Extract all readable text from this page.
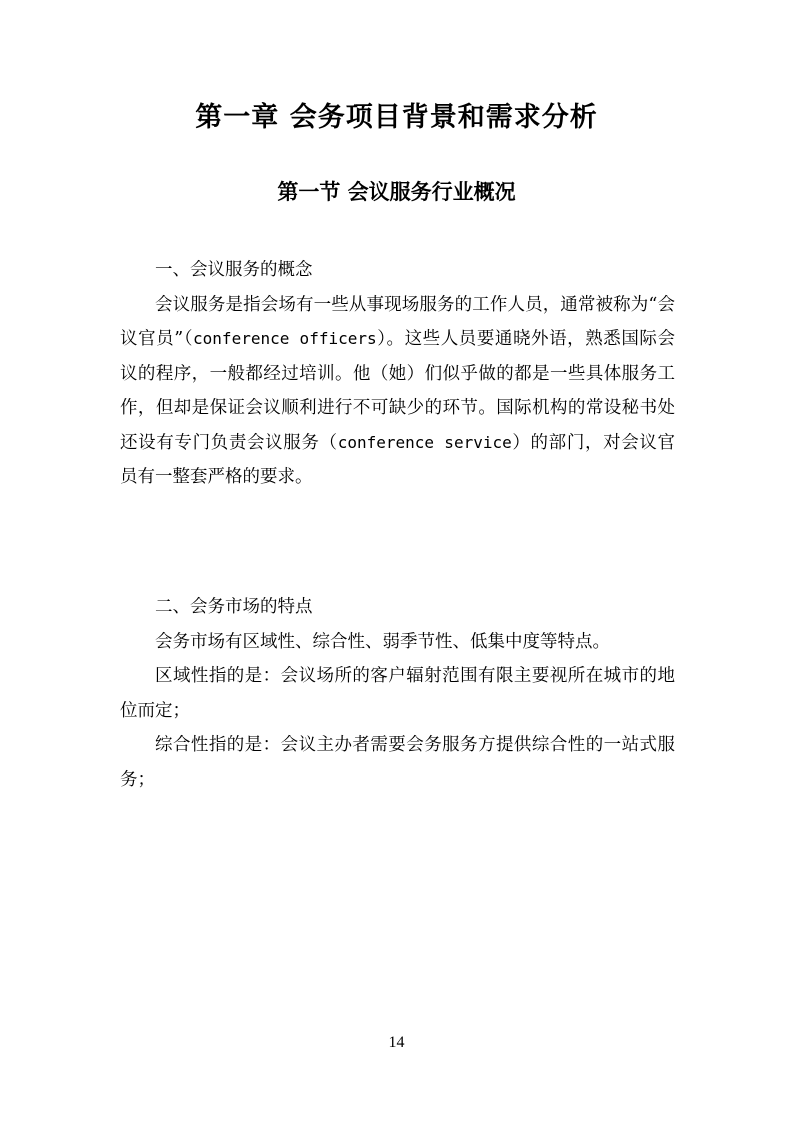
第一章 会务项目背景和需求分析
第一节 会议服务行业概况
一、会议服务的概念

会议服务是指会场有一些从事现场服务的工作人员，通常被称为“会议官员”（conference officers）。这些人员要通晓外语，熟悉国际会议的程序，一般都经过培训。他（她）们似乎做的都是一些具体服务工作，但却是保证会议顺利进行不可缺少的环节。国际机构的常设秘书处还设有专门负责会议服务（conference service）的部门，对会议官员有一整套严格的要求。

二、会务市场的特点

会务市场有区域性、综合性、弱季节性、低集中度等特点。

区域性指的是：会议场所的客户辐射范围有限主要视所在城市的地位而定；

综合性指的是：会议主办者需要会务服务方提供综合性的一站式服务；

14
